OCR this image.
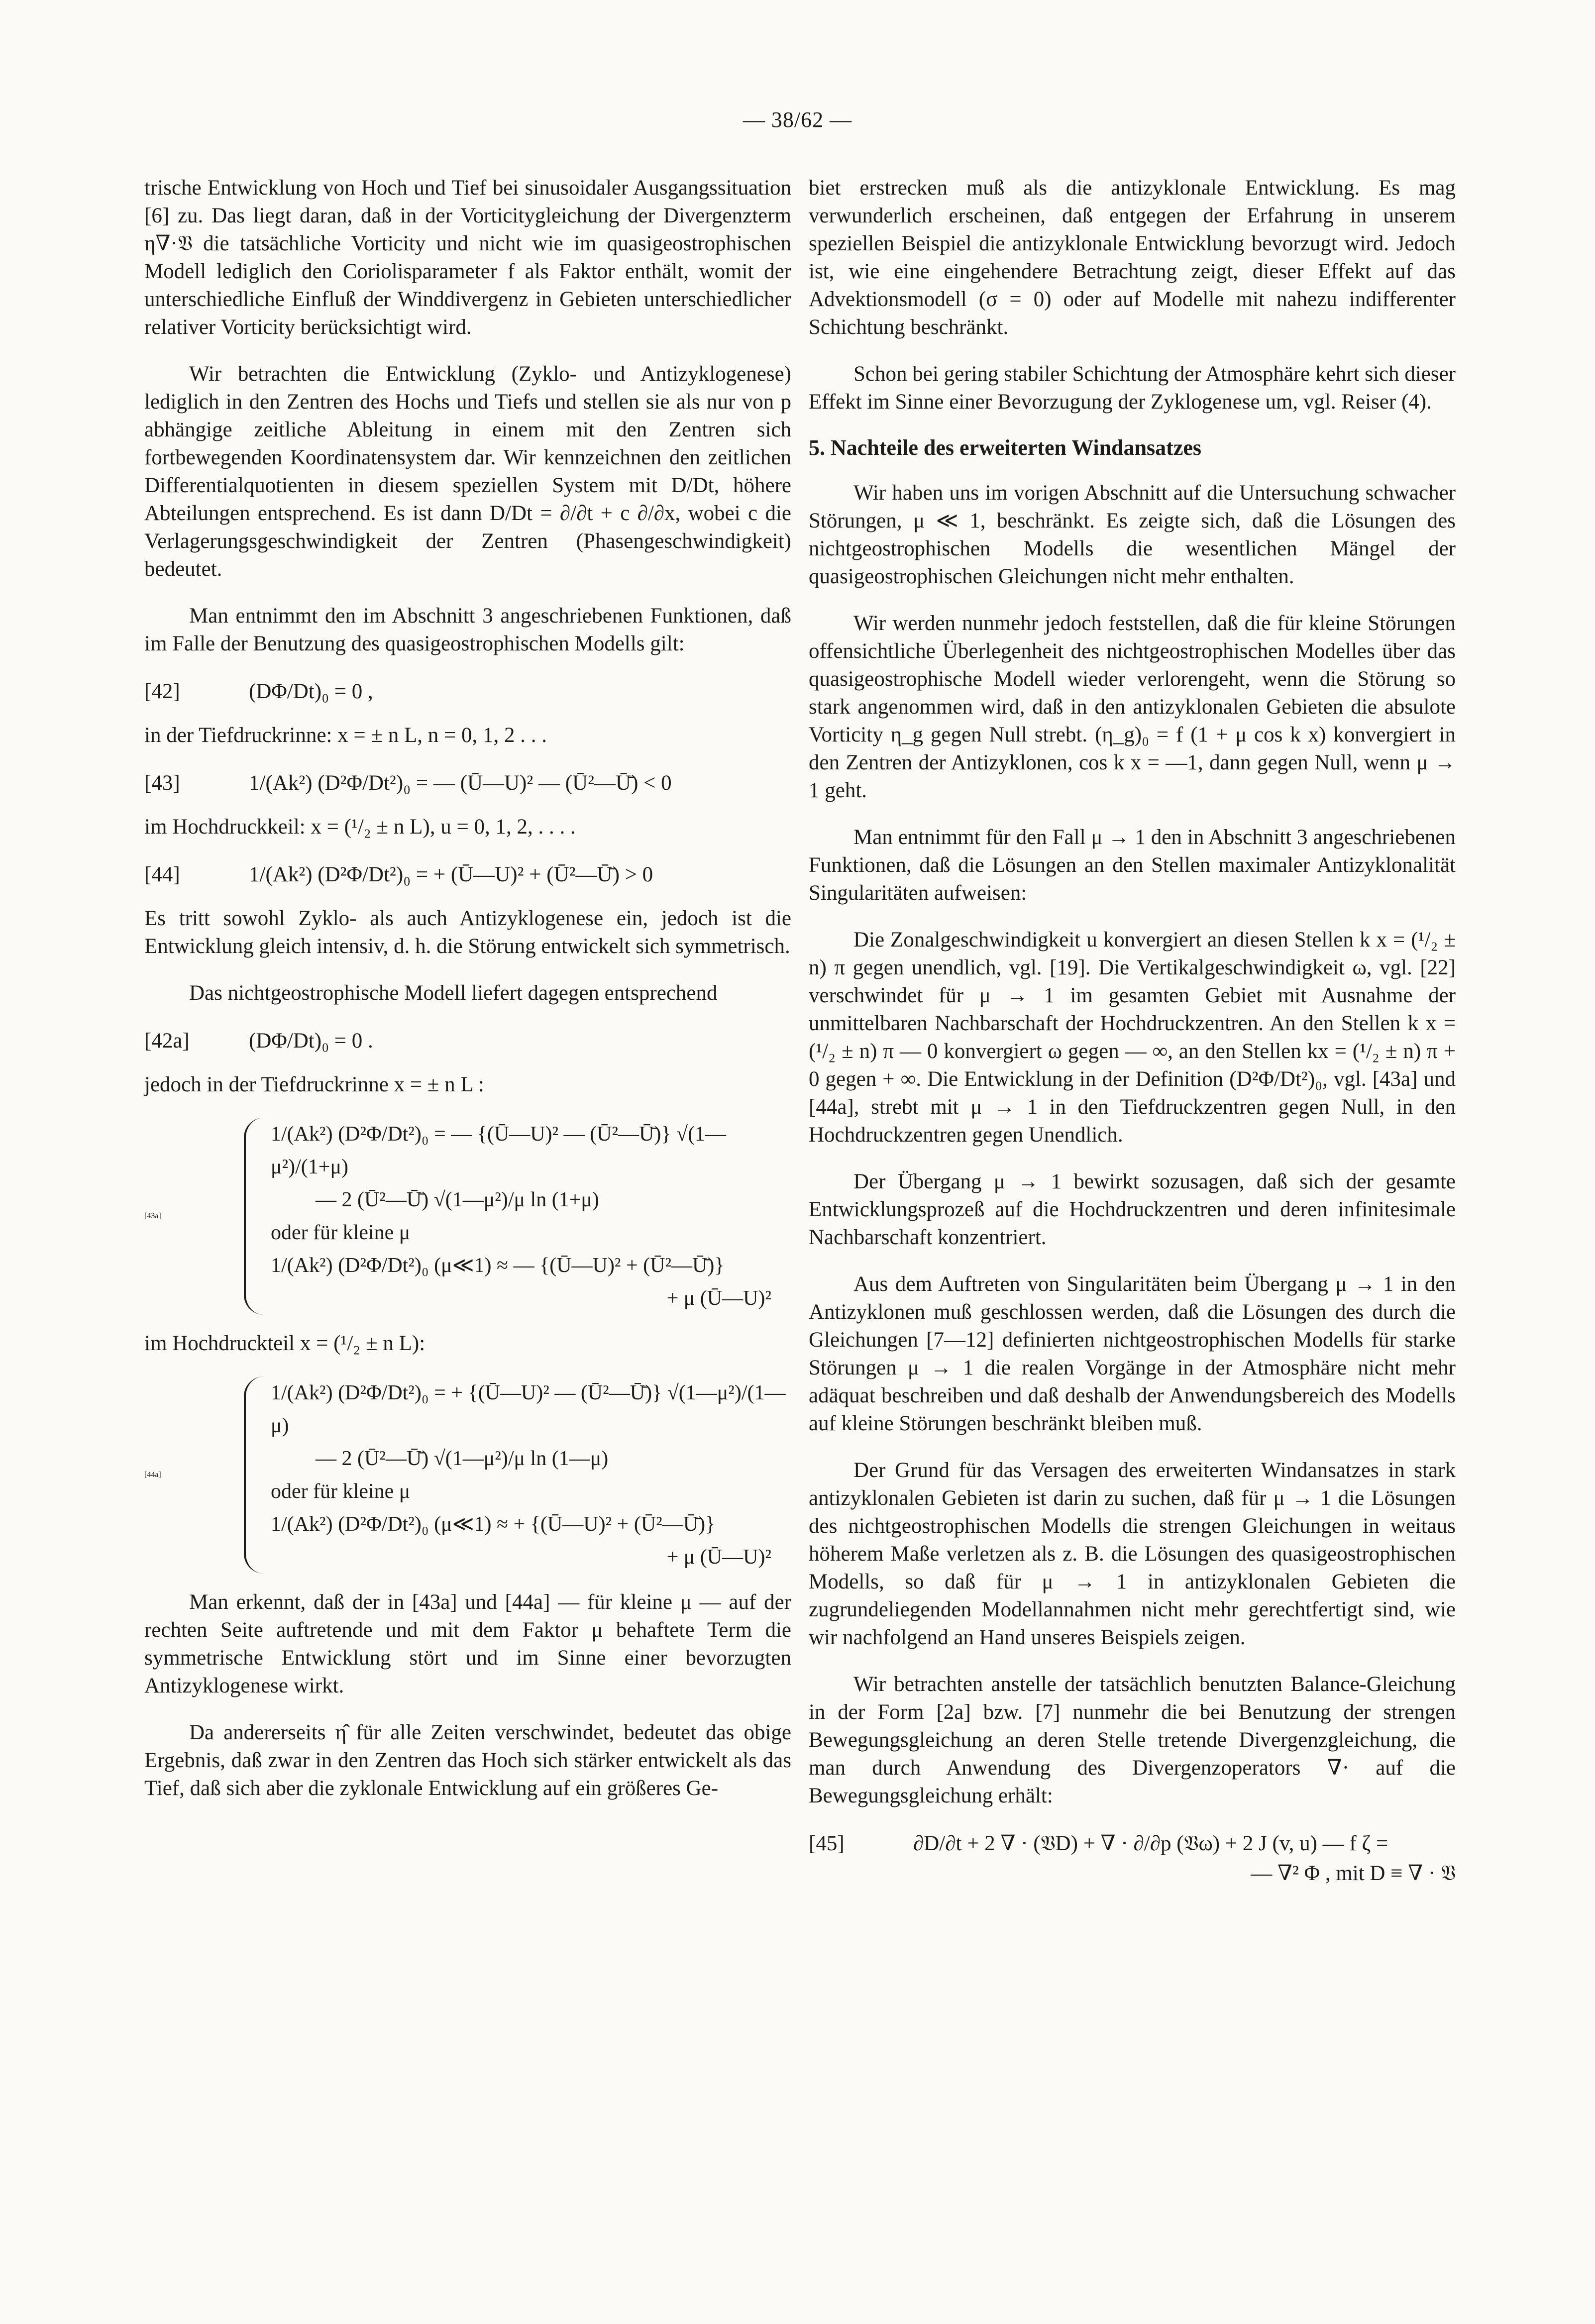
— 38/62 —

trische Entwicklung von Hoch und Tief bei sinusoidaler Ausgangssituation [6] zu. Das liegt daran, daß in der Vorticitygleichung der Divergenzterm η∇·𝔙 die tatsächliche Vorticity und nicht wie im quasigeostrophischen Modell lediglich den Coriolisparameter f als Faktor enthält, womit der unterschiedliche Einfluß der Winddivergenz in Gebieten unterschiedlicher relativer Vorticity berücksichtigt wird.

Wir betrachten die Entwicklung (Zyklo- und Antizyklogenese) lediglich in den Zentren des Hochs und Tiefs und stellen sie als nur von p abhängige zeitliche Ableitung in einem mit den Zentren sich fortbewegenden Koordinatensystem dar. Wir kennzeichnen den zeitlichen Differentialquotienten in diesem speziellen System mit D/Dt, höhere Abteilungen entsprechend. Es ist dann D/Dt = ∂/∂t + c ∂/∂x, wobei c die Verlagerungsgeschwindigkeit der Zentren (Phasengeschwindigkeit) bedeutet.

Man entnimmt den im Abschnitt 3 angeschriebenen Funktionen, daß im Falle der Benutzung des quasigeostrophischen Modells gilt:

[42]	(DΦ/Dt)₀ = 0 ,

in der Tiefdruckrinne: x = ± n L, n = 0, 1, 2 . . .

[43]	1/(Ak²) (D²Φ/Dt²)₀ = — (Ū—U)² — (Ū²—Ū̄) < 0

im Hochdruckkeil: x = (¹/₂ ± n L), u = 0, 1, 2, . . . .

[44]	1/(Ak²) (D²Φ/Dt²)₀ = + (Ū—U)² + (Ū²—Ū̄) > 0

Es tritt sowohl Zyklo- als auch Antizyklogenese ein, jedoch ist die Entwicklung gleich intensiv, d. h. die Störung entwickelt sich symmetrisch.

Das nichtgeostrophische Modell liefert dagegen entsprechend

[42a]	(DΦ/Dt)₀ = 0 .

jedoch in der Tiefdruckrinne x = ± n L :

[43a]
1/(Ak²) (D²Φ/Dt²)₀ = — {(Ū—U)² — (Ū²—Ū̄)} √(1—μ²)/(1+μ)
— 2 (Ū²—Ū̄) √(1—μ²)/μ ln (1+μ)
oder für kleine μ
1/(Ak²) (D²Φ/Dt²)₀ (μ≪1) ≈ — {(Ū—U)² + (Ū²—Ū̄)}
+ μ (Ū—U)²

im Hochdruckteil x = (¹/₂ ± n L):

[44a]
1/(Ak²) (D²Φ/Dt²)₀ = + {(Ū—U)² — (Ū²—Ū̄)} √(1—μ²)/(1—μ)
— 2 (Ū²—Ū̄) √(1—μ²)/μ ln (1—μ)
oder für kleine μ
1/(Ak²) (D²Φ/Dt²)₀ (μ≪1) ≈ + {(Ū—U)² + (Ū²—Ū̄)}
+ μ (Ū—U)²

Man erkennt, daß der in [43a] und [44a] — für kleine μ — auf der rechten Seite auftretende und mit dem Faktor μ behaftete Term die symmetrische Entwicklung stört und im Sinne einer bevorzugten Antizyklogenese wirkt.

Da andererseits η̂ für alle Zeiten verschwindet, bedeutet das obige Ergebnis, daß zwar in den Zentren das Hoch sich stärker entwickelt als das Tief, daß sich aber die zyklonale Entwicklung auf ein größeres Ge-

biet erstrecken muß als die antizyklonale Entwicklung. Es mag verwunderlich erscheinen, daß entgegen der Erfahrung in unserem speziellen Beispiel die antizyklonale Entwicklung bevorzugt wird. Jedoch ist, wie eine eingehendere Betrachtung zeigt, dieser Effekt auf das Advektionsmodell (σ = 0) oder auf Modelle mit nahezu indifferenter Schichtung beschränkt.

Schon bei gering stabiler Schichtung der Atmosphäre kehrt sich dieser Effekt im Sinne einer Bevorzugung der Zyklogenese um, vgl. Reiser (4).

5. Nachteile des erweiterten Windansatzes

Wir haben uns im vorigen Abschnitt auf die Untersuchung schwacher Störungen, μ ≪ 1, beschränkt. Es zeigte sich, daß die Lösungen des nichtgeostrophischen Modells die wesentlichen Mängel der quasigeostrophischen Gleichungen nicht mehr enthalten.

Wir werden nunmehr jedoch feststellen, daß die für kleine Störungen offensichtliche Überlegenheit des nichtgeostrophischen Modelles über das quasigeostrophische Modell wieder verlorengeht, wenn die Störung so stark angenommen wird, daß in den antizyklonalen Gebieten die absulote Vorticity η_g gegen Null strebt. (η_g)₀ = f (1 + μ cos k x) konvergiert in den Zentren der Antizyklonen, cos k x = —1, dann gegen Null, wenn μ → 1 geht.

Man entnimmt für den Fall μ → 1 den in Abschnitt 3 angeschriebenen Funktionen, daß die Lösungen an den Stellen maximaler Antizyklonalität Singularitäten aufweisen:

Die Zonalgeschwindigkeit u konvergiert an diesen Stellen k x = (¹/₂ ± n) π gegen unendlich, vgl. [19]. Die Vertikalgeschwindigkeit ω, vgl. [22] verschwindet für μ → 1 im gesamten Gebiet mit Ausnahme der unmittelbaren Nachbarschaft der Hochdruckzentren. An den Stellen k x = (¹/₂ ± n) π — 0 konvergiert ω gegen — ∞, an den Stellen kx = (¹/₂ ± n) π + 0 gegen + ∞. Die Entwicklung in der Definition (D²Φ/Dt²)₀, vgl. [43a] und [44a], strebt mit μ → 1 in den Tiefdruckzentren gegen Null, in den Hochdruckzentren gegen Unendlich.

Der Übergang μ → 1 bewirkt sozusagen, daß sich der gesamte Entwicklungsprozeß auf die Hochdruckzentren und deren infinitesimale Nachbarschaft konzentriert.

Aus dem Auftreten von Singularitäten beim Übergang μ → 1 in den Antizyklonen muß geschlossen werden, daß die Lösungen des durch die Gleichungen [7—12] definierten nichtgeostrophischen Modells für starke Störungen μ → 1 die realen Vorgänge in der Atmosphäre nicht mehr adäquat beschreiben und daß deshalb der Anwendungsbereich des Modells auf kleine Störungen beschränkt bleiben muß.

Der Grund für das Versagen des erweiterten Windansatzes in stark antizyklonalen Gebieten ist darin zu suchen, daß für μ → 1 die Lösungen des nichtgeostrophischen Modells die strengen Gleichungen in weitaus höherem Maße verletzen als z. B. die Lösungen des quasigeostrophischen Modells, so daß für μ → 1 in antizyklonalen Gebieten die zugrundeliegenden Modellannahmen nicht mehr gerechtfertigt sind, wie wir nachfolgend an Hand unseres Beispiels zeigen.

Wir betrachten anstelle der tatsächlich benutzten Balance-Gleichung in der Form [2a] bzw. [7] nunmehr die bei Benutzung der strengen Bewegungsgleichung an deren Stelle tretende Divergenzgleichung, die man durch Anwendung des Divergenzoperators ∇· auf die Bewegungsgleichung erhält:

[45]	∂D/∂t + 2 ∇ · (𝔙D) + ∇ · ∂/∂p (𝔙ω) + 2 J (v, u) — f ζ =
— ∇² Φ , mit D ≡ ∇ · 𝔙
